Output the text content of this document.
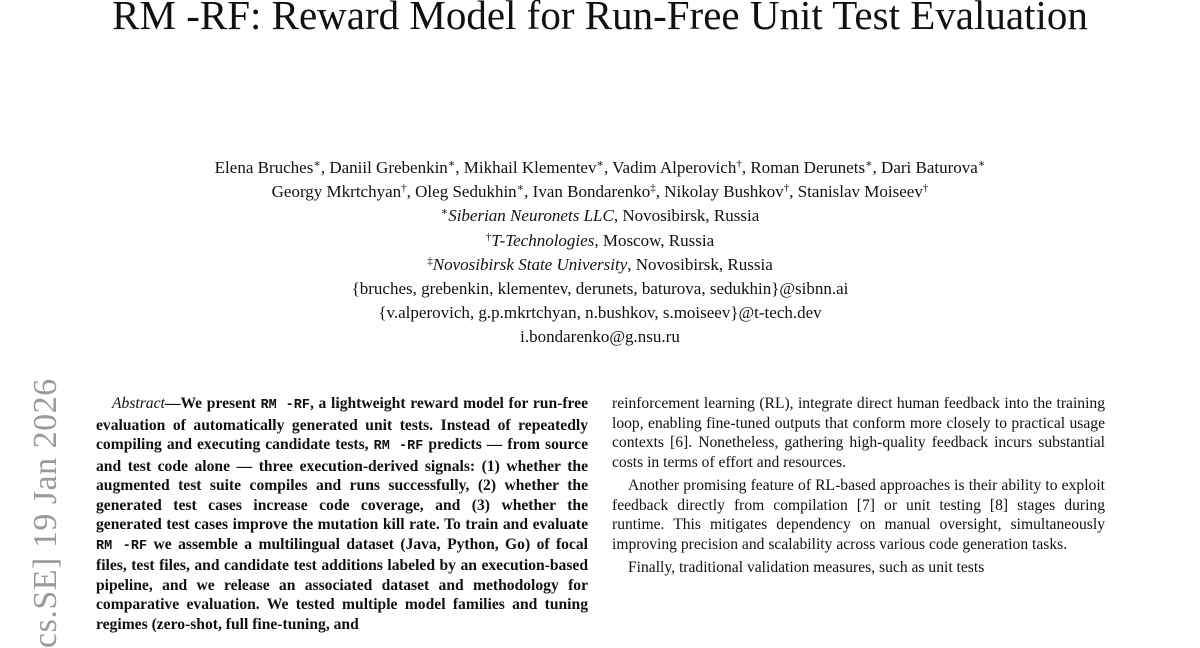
RM -RF: Reward Model for Run-Free Unit Test Evaluation
Elena Bruches∗, Daniil Grebenkin∗, Mikhail Klementev∗, Vadim Alperovich†, Roman Derunets∗, Dari Baturova∗
Georgy Mkrtchyan†, Oleg Sedukhin∗, Ivan Bondarenko‡, Nikolay Bushkov†, Stanislav Moiseev†
∗Siberian Neuronets LLC, Novosibirsk, Russia
†T-Technologies, Moscow, Russia
‡Novosibirsk State University, Novosibirsk, Russia
{bruches, grebenkin, klementev, derunets, baturova, sedukhin}@sibnn.ai
{v.alperovich, g.p.mkrtchyan, n.bushkov, s.moiseev}@t-tech.dev
i.bondarenko@g.nsu.ru
cs.SE] 19 Jan 2026	Abstract—We present RM -RF, a lightweight reward model for run-free evaluation of automatically generated unit tests. Instead of repeatedly compiling and executing candidate tests, RM -RF predicts — from source and test code alone — three execution-derived signals: (1) whether the augmented test suite compiles and runs successfully, (2) whether the generated test cases increase code coverage, and (3) whether the generated test cases improve the mutation kill rate. To train and evaluate RM -RF we assemble a multilingual dataset (Java, Python, Go) of focal files, test files, and candidate test additions labeled by an execution-based pipeline, and we release an associated dataset and methodology for comparative evaluation. We tested multiple model families and tuning regimes (zero-shot, full fine-tuning, and

reinforcement learning (RL), integrate direct human feedback into the training loop, enabling fine-tuned outputs that conform more closely to practical usage contexts [6]. Nonetheless, gathering high-quality feedback incurs substantial costs in terms of effort and resources.

Another promising feature of RL-based approaches is their ability to exploit feedback directly from compilation [7] or unit testing [8] stages during runtime. This mitigates dependency on manual oversight, simultaneously improving precision and scalability across various code generation tasks.

Finally, traditional validation measures, such as unit tests
